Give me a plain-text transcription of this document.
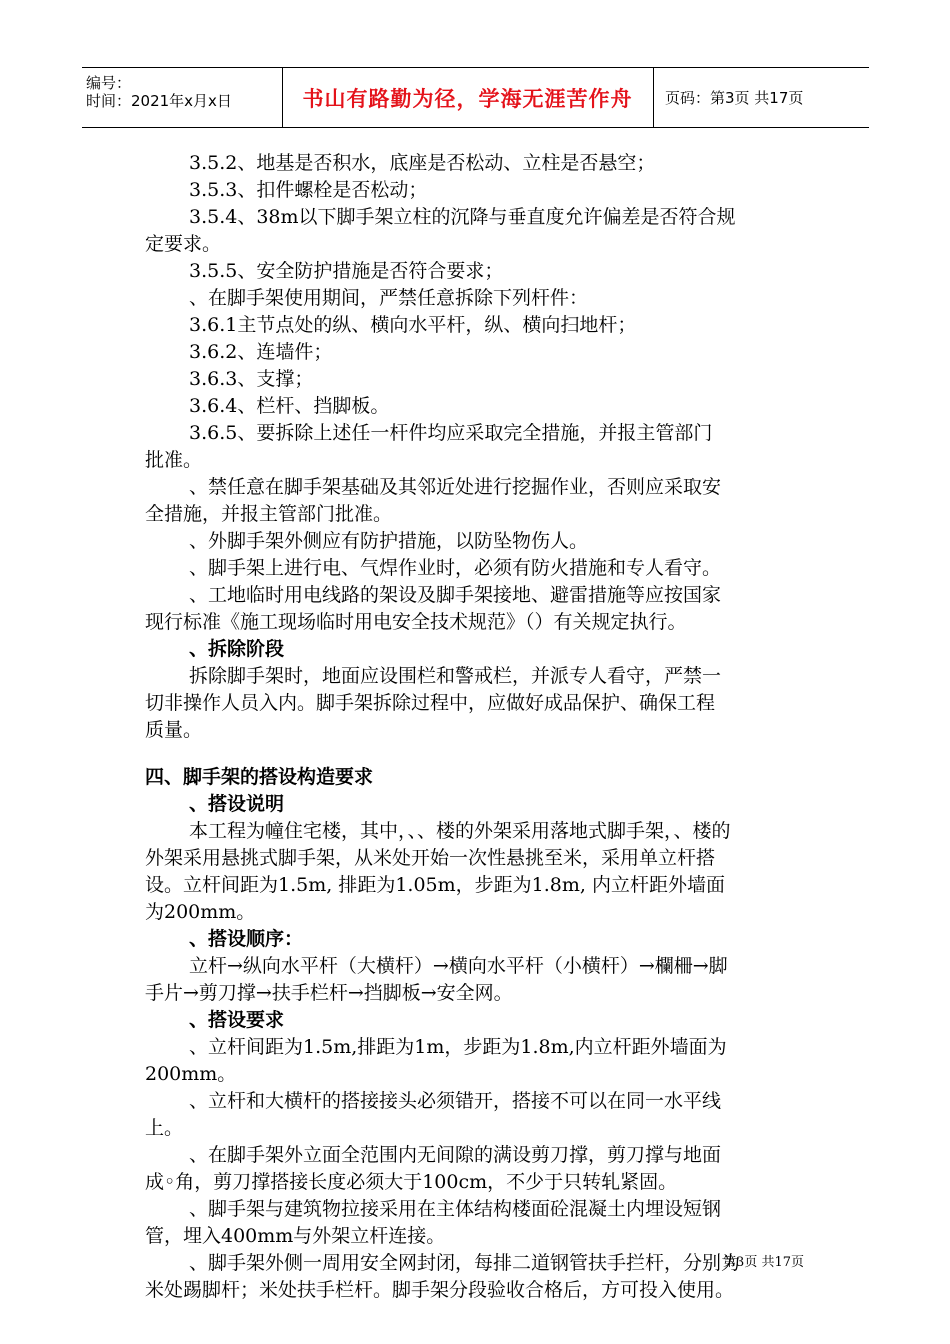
编号：
时间：2021年x月x日	书山有路勤为径，学海无涯苦作舟 页码：第3页 共17页

3.5.2、地基是否积水，底座是否松动、立柱是否悬空；

3.5.3、扣件螺栓是否松动；

3.5.4、38m以下脚手架立柱的沉降与垂直度允许偏差是否符合规

定要求。

3.5.5、安全防护措施是否符合要求；

、在脚手架使用期间，严禁任意拆除下列杆件：

3.6.1主节点处的纵、横向水平杆，纵、横向扫地杆；

3.6.2、连墙件；

3.6.3、支撑；

3.6.4、栏杆、挡脚板。

3.6.5、要拆除上述任一杆件均应采取完全措施，并报主管部门

批准。

、禁任意在脚手架基础及其邻近处进行挖掘作业，否则应采取安

全措施，并报主管部门批准。

、外脚手架外侧应有防护措施，以防坠物伤人。

、脚手架上进行电、气焊作业时，必须有防火措施和专人看守。

、工地临时用电线路的架设及脚手架接地、避雷措施等应按国家

现行标准《施工现场临时用电安全技术规范》（）有关规定执行。

、拆除阶段

拆除脚手架时，地面应设围栏和警戒栏，并派专人看守，严禁一

切非操作人员入内。脚手架拆除过程中，应做好成品保护、确保工程

质量。

四、脚手架的搭设构造要求

、搭设说明

本工程为幢住宅楼，其中，、、楼的外架采用落地式脚手架，、楼的

外架采用悬挑式脚手架，从米处开始一次性悬挑至米，采用单立杆搭

设。立杆间距为1.5m, 排距为1.05m，步距为1.8m, 内立杆距外墙面

为200mm。

、搭设顺序：

立杆→纵向水平杆（大横杆）→横向水平杆（小横杆）→欄柵→脚

手片→剪刀撑→扶手栏杆→挡脚板→安全网。

、搭设要求

、立杆间距为1.5m,排距为1m，步距为1.8m,内立杆距外墙面为

200mm。

、立杆和大横杆的搭接接头必须错开，搭接不可以在同一水平线

上。

、在脚手架外立面全范围内无间隙的满设剪刀撑，剪刀撑与地面

成◦角，剪刀撑搭接长度必须大于100cm，不少于只转轧紧固。

、脚手架与建筑物拉接采用在主体结构楼面砼混凝土内埋设短钢

管，埋入400mm与外架立杆连接。

、脚手架外侧一周用安全网封闭，每排二道钢管扶手拦杆，分别为

米处踢脚杆；米处扶手栏杆。脚手架分段验收合格后，方可投入使用。

第3页 共17页
